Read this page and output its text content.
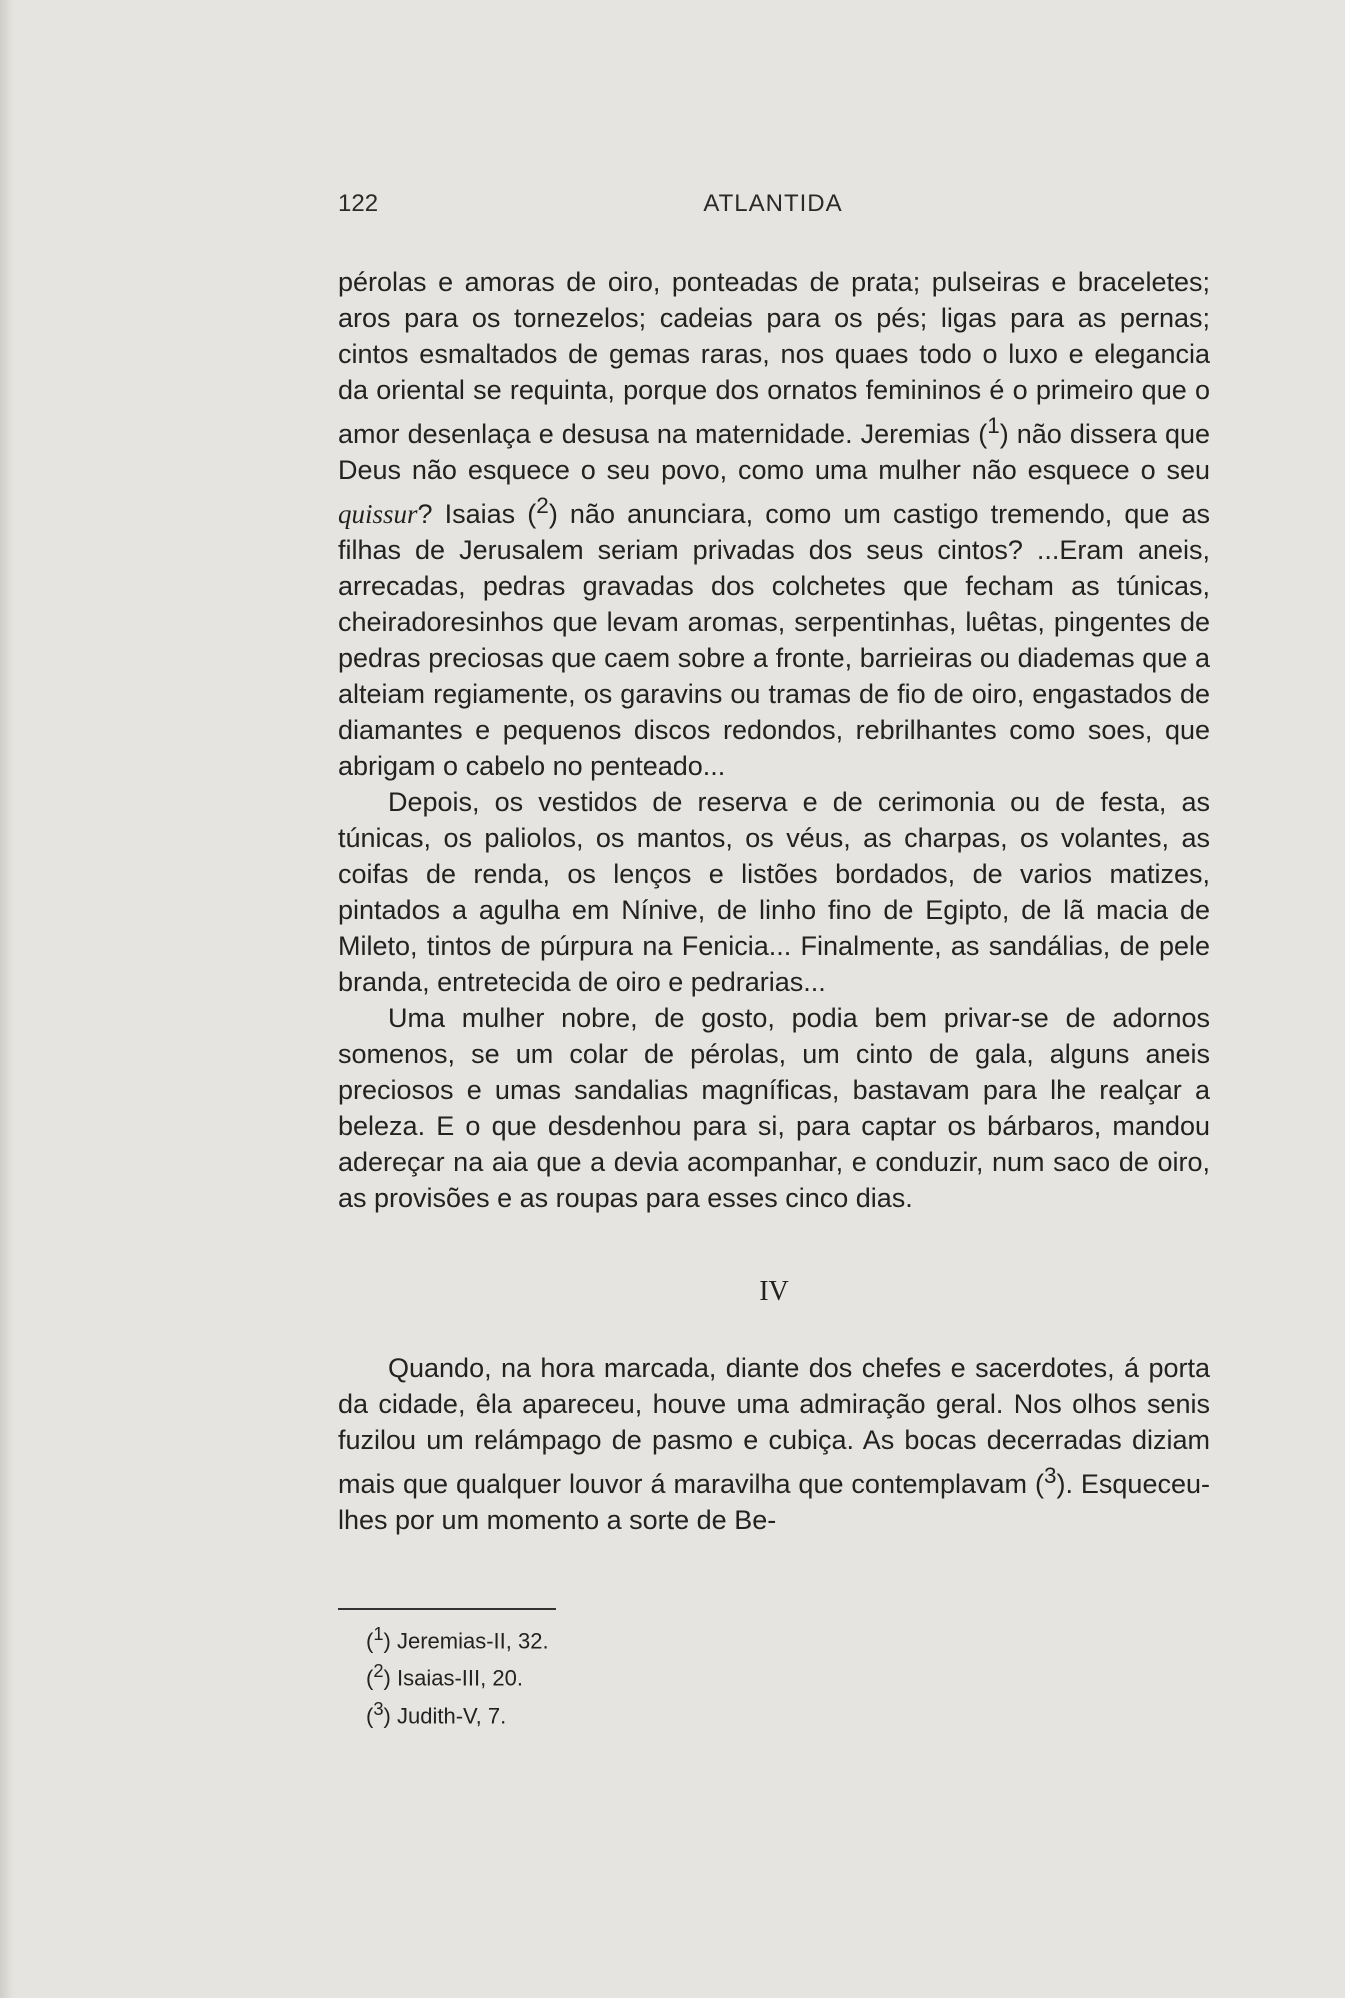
122	ATLANTIDA

pérolas e amoras de oiro, ponteadas de prata; pulseiras e braceletes; aros para os tornezelos; cadeias para os pés; ligas para as pernas; cintos esmaltados de gemas raras, nos quaes todo o luxo e elegancia da oriental se requinta, porque dos ornatos femininos é o primeiro que o amor desenlaça e desusa na maternidade. Jeremias ($^1$) não dissera que Deus não esquece o seu povo, como uma mulher não esquece o seu quissur? Isaias ($^2$) não anunciara, como um castigo tremendo, que as filhas de Jerusalem seriam privadas dos seus cintos? ...Eram aneis, arrecadas, pedras gravadas dos colchetes que fecham as túnicas, cheiradoresinhos que levam aromas, serpentinhas, luêtas, pingentes de pedras preciosas que caem sobre a fronte, barrieiras ou diademas que a alteiam regiamente, os garavins ou tramas de fio de oiro, engastados de diamantes e pequenos discos redondos, rebrilhantes como soes, que abrigam o cabelo no penteado...

Depois, os vestidos de reserva e de cerimonia ou de festa, as túnicas, os paliolos, os mantos, os véus, as charpas, os volantes, as coifas de renda, os lenços e listões bordados, de varios matizes, pintados a agulha em Nínive, de linho fino de Egipto, de lã macia de Mileto, tintos de púrpura na Fenicia... Finalmente, as sandálias, de pele branda, entretecida de oiro e pedrarias...

Uma mulher nobre, de gosto, podia bem privar-se de adornos somenos, se um colar de pérolas, um cinto de gala, alguns aneis preciosos e umas sandalias magníficas, bastavam para lhe realçar a beleza. E o que desdenhou para si, para captar os bárbaros, mandou adereçar na aia que a devia acompanhar, e conduzir, num saco de oiro, as provisões e as roupas para esses cinco dias.

IV

Quando, na hora marcada, diante dos chefes e sacerdotes, á porta da cidade, êla apareceu, houve uma admiração geral. Nos olhos senis fuzilou um relámpago de pasmo e cubiça. As bocas decerradas diziam mais que qualquer louvor á maravilha que contemplavam ($^3$). Esqueceu-lhes por um momento a sorte de Be-

($^1$) Jeremias-II, 32.
($^2$) Isaias-III, 20.
($^3$) Judith-V, 7.
